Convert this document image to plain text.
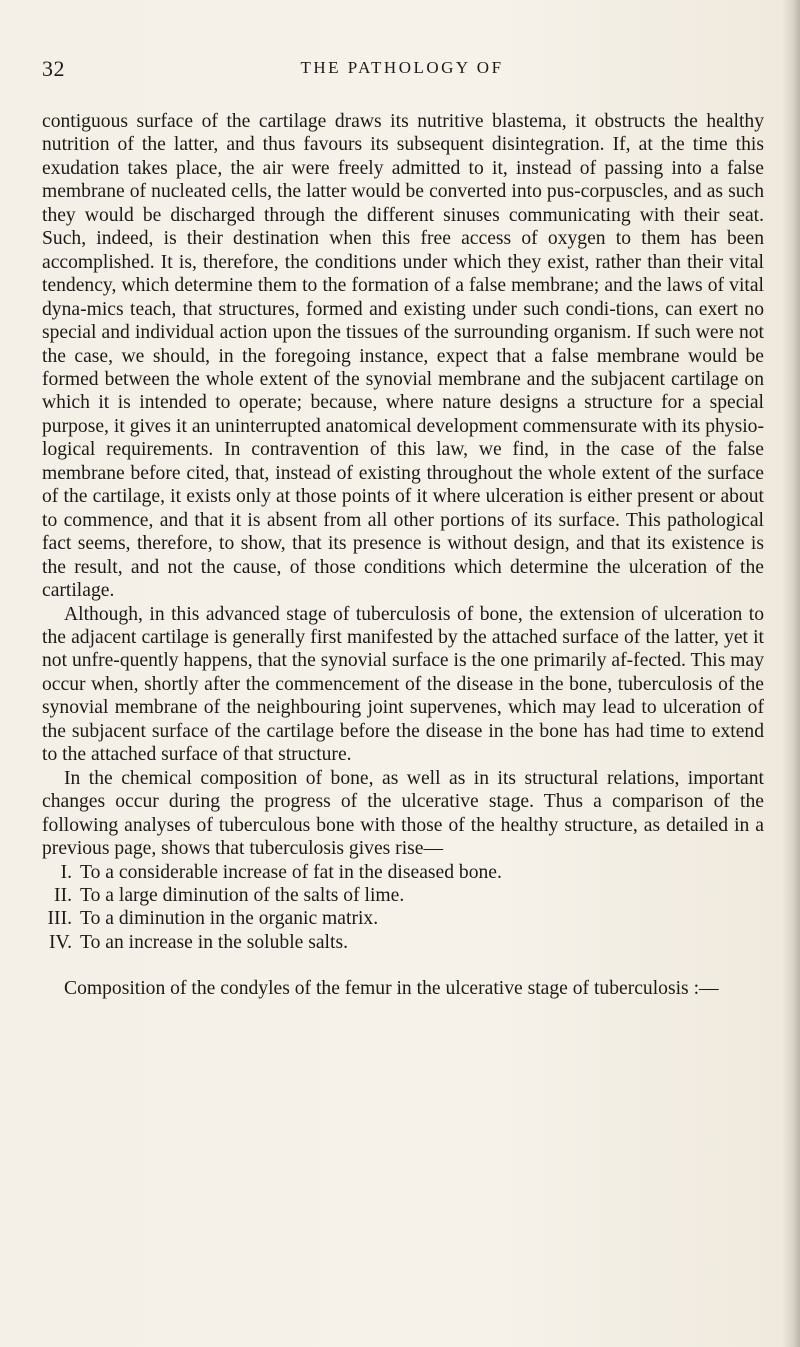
32	THE PATHOLOGY OF

contiguous surface of the cartilage draws its nutritive blastema, it obstructs the healthy nutrition of the latter, and thus favours its subsequent disintegration. If, at the time this exudation takes place, the air were freely admitted to it, instead of passing into a false membrane of nucleated cells, the latter would be converted into pus-corpuscles, and as such they would be discharged through the different sinuses communicating with their seat. Such, indeed, is their destination when this free access of oxygen to them has been accomplished. It is, therefore, the conditions under which they exist, rather than their vital tendency, which determine them to the formation of a false membrane; and the laws of vital dyna-mics teach, that structures, formed and existing under such condi-tions, can exert no special and individual action upon the tissues of the surrounding organism. If such were not the case, we should, in the foregoing instance, expect that a false membrane would be formed between the whole extent of the synovial membrane and the subjacent cartilage on which it is intended to operate; because, where nature designs a structure for a special purpose, it gives it an uninterrupted anatomical development commensurate with its physio-logical requirements. In contravention of this law, we find, in the case of the false membrane before cited, that, instead of existing throughout the whole extent of the surface of the cartilage, it exists only at those points of it where ulceration is either present or about to commence, and that it is absent from all other portions of its surface. This pathological fact seems, therefore, to show, that its presence is without design, and that its existence is the result, and not the cause, of those conditions which determine the ulceration of the cartilage.

Although, in this advanced stage of tuberculosis of bone, the extension of ulceration to the adjacent cartilage is generally first manifested by the attached surface of the latter, yet it not unfre-quently happens, that the synovial surface is the one primarily af-fected. This may occur when, shortly after the commencement of the disease in the bone, tuberculosis of the synovial membrane of the neighbouring joint supervenes, which may lead to ulceration of the subjacent surface of the cartilage before the disease in the bone has had time to extend to the attached surface of that structure.

In the chemical composition of bone, as well as in its structural relations, important changes occur during the progress of the ulcerative stage. Thus a comparison of the following analyses of tuberculous bone with those of the healthy structure, as detailed in a previous page, shows that tuberculosis gives rise—

I. To a considerable increase of fat in the diseased bone.
II. To a large diminution of the salts of lime.
III. To a diminution in the organic matrix.
IV. To an increase in the soluble salts.

Composition of the condyles of the femur in the ulcerative stage of tuberculosis :—
